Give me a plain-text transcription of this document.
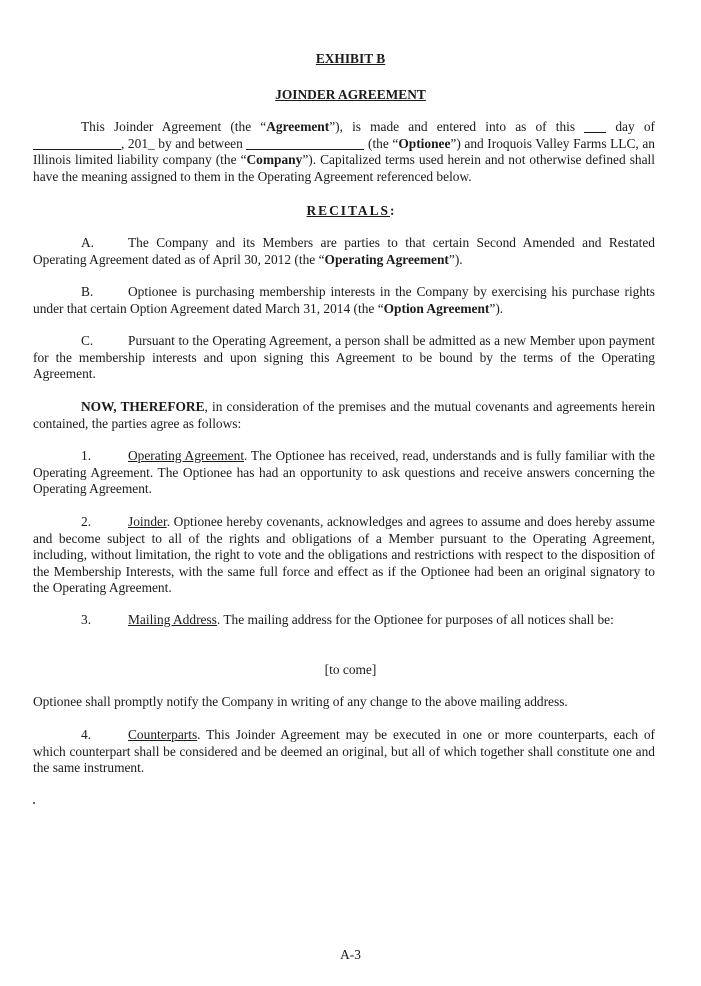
EXHIBIT B
JOINDER AGREEMENT
This Joinder Agreement (the “Agreement”), is made and entered into as of this	day of , 201_ by and between	(the “Optionee”) and Iroquois Valley Farms LLC, an Illinois limited liability company (the “Company”). Capitalized terms used herein and not otherwise defined shall have the meaning assigned to them in the Operating Agreement referenced below.
RECITALS:
A.	The Company and its Members are parties to that certain Second Amended and Restated Operating Agreement dated as of April 30, 2012 (the “Operating Agreement”).
B.	Optionee is purchasing membership interests in the Company by exercising his purchase rights under that certain Option Agreement dated March 31, 2014 (the “Option Agreement”).
C.	Pursuant to the Operating Agreement, a person shall be admitted as a new Member upon payment for the membership interests and upon signing this Agreement to be bound by the terms of the Operating Agreement.
NOW, THEREFORE, in consideration of the premises and the mutual covenants and agreements herein contained, the parties agree as follows:
1.	Operating Agreement. The Optionee has received, read, understands and is fully familiar with the Operating Agreement. The Optionee has had an opportunity to ask questions and receive answers concerning the Operating Agreement.
2.	Joinder. Optionee hereby covenants, acknowledges and agrees to assume and does hereby assume and become subject to all of the rights and obligations of a Member pursuant to the Operating Agreement, including, without limitation, the right to vote and the obligations and restrictions with respect to the disposition of the Membership Interests, with the same full force and effect as if the Optionee had been an original signatory to the Operating Agreement.
3.	Mailing Address. The mailing address for the Optionee for purposes of all notices shall be:
[to come]
Optionee shall promptly notify the Company in writing of any change to the above mailing address.
4.	Counterparts. This Joinder Agreement may be executed in one or more counterparts, each of which counterpart shall be considered and be deemed an original, but all of which together shall constitute one and the same instrument.
A-3
